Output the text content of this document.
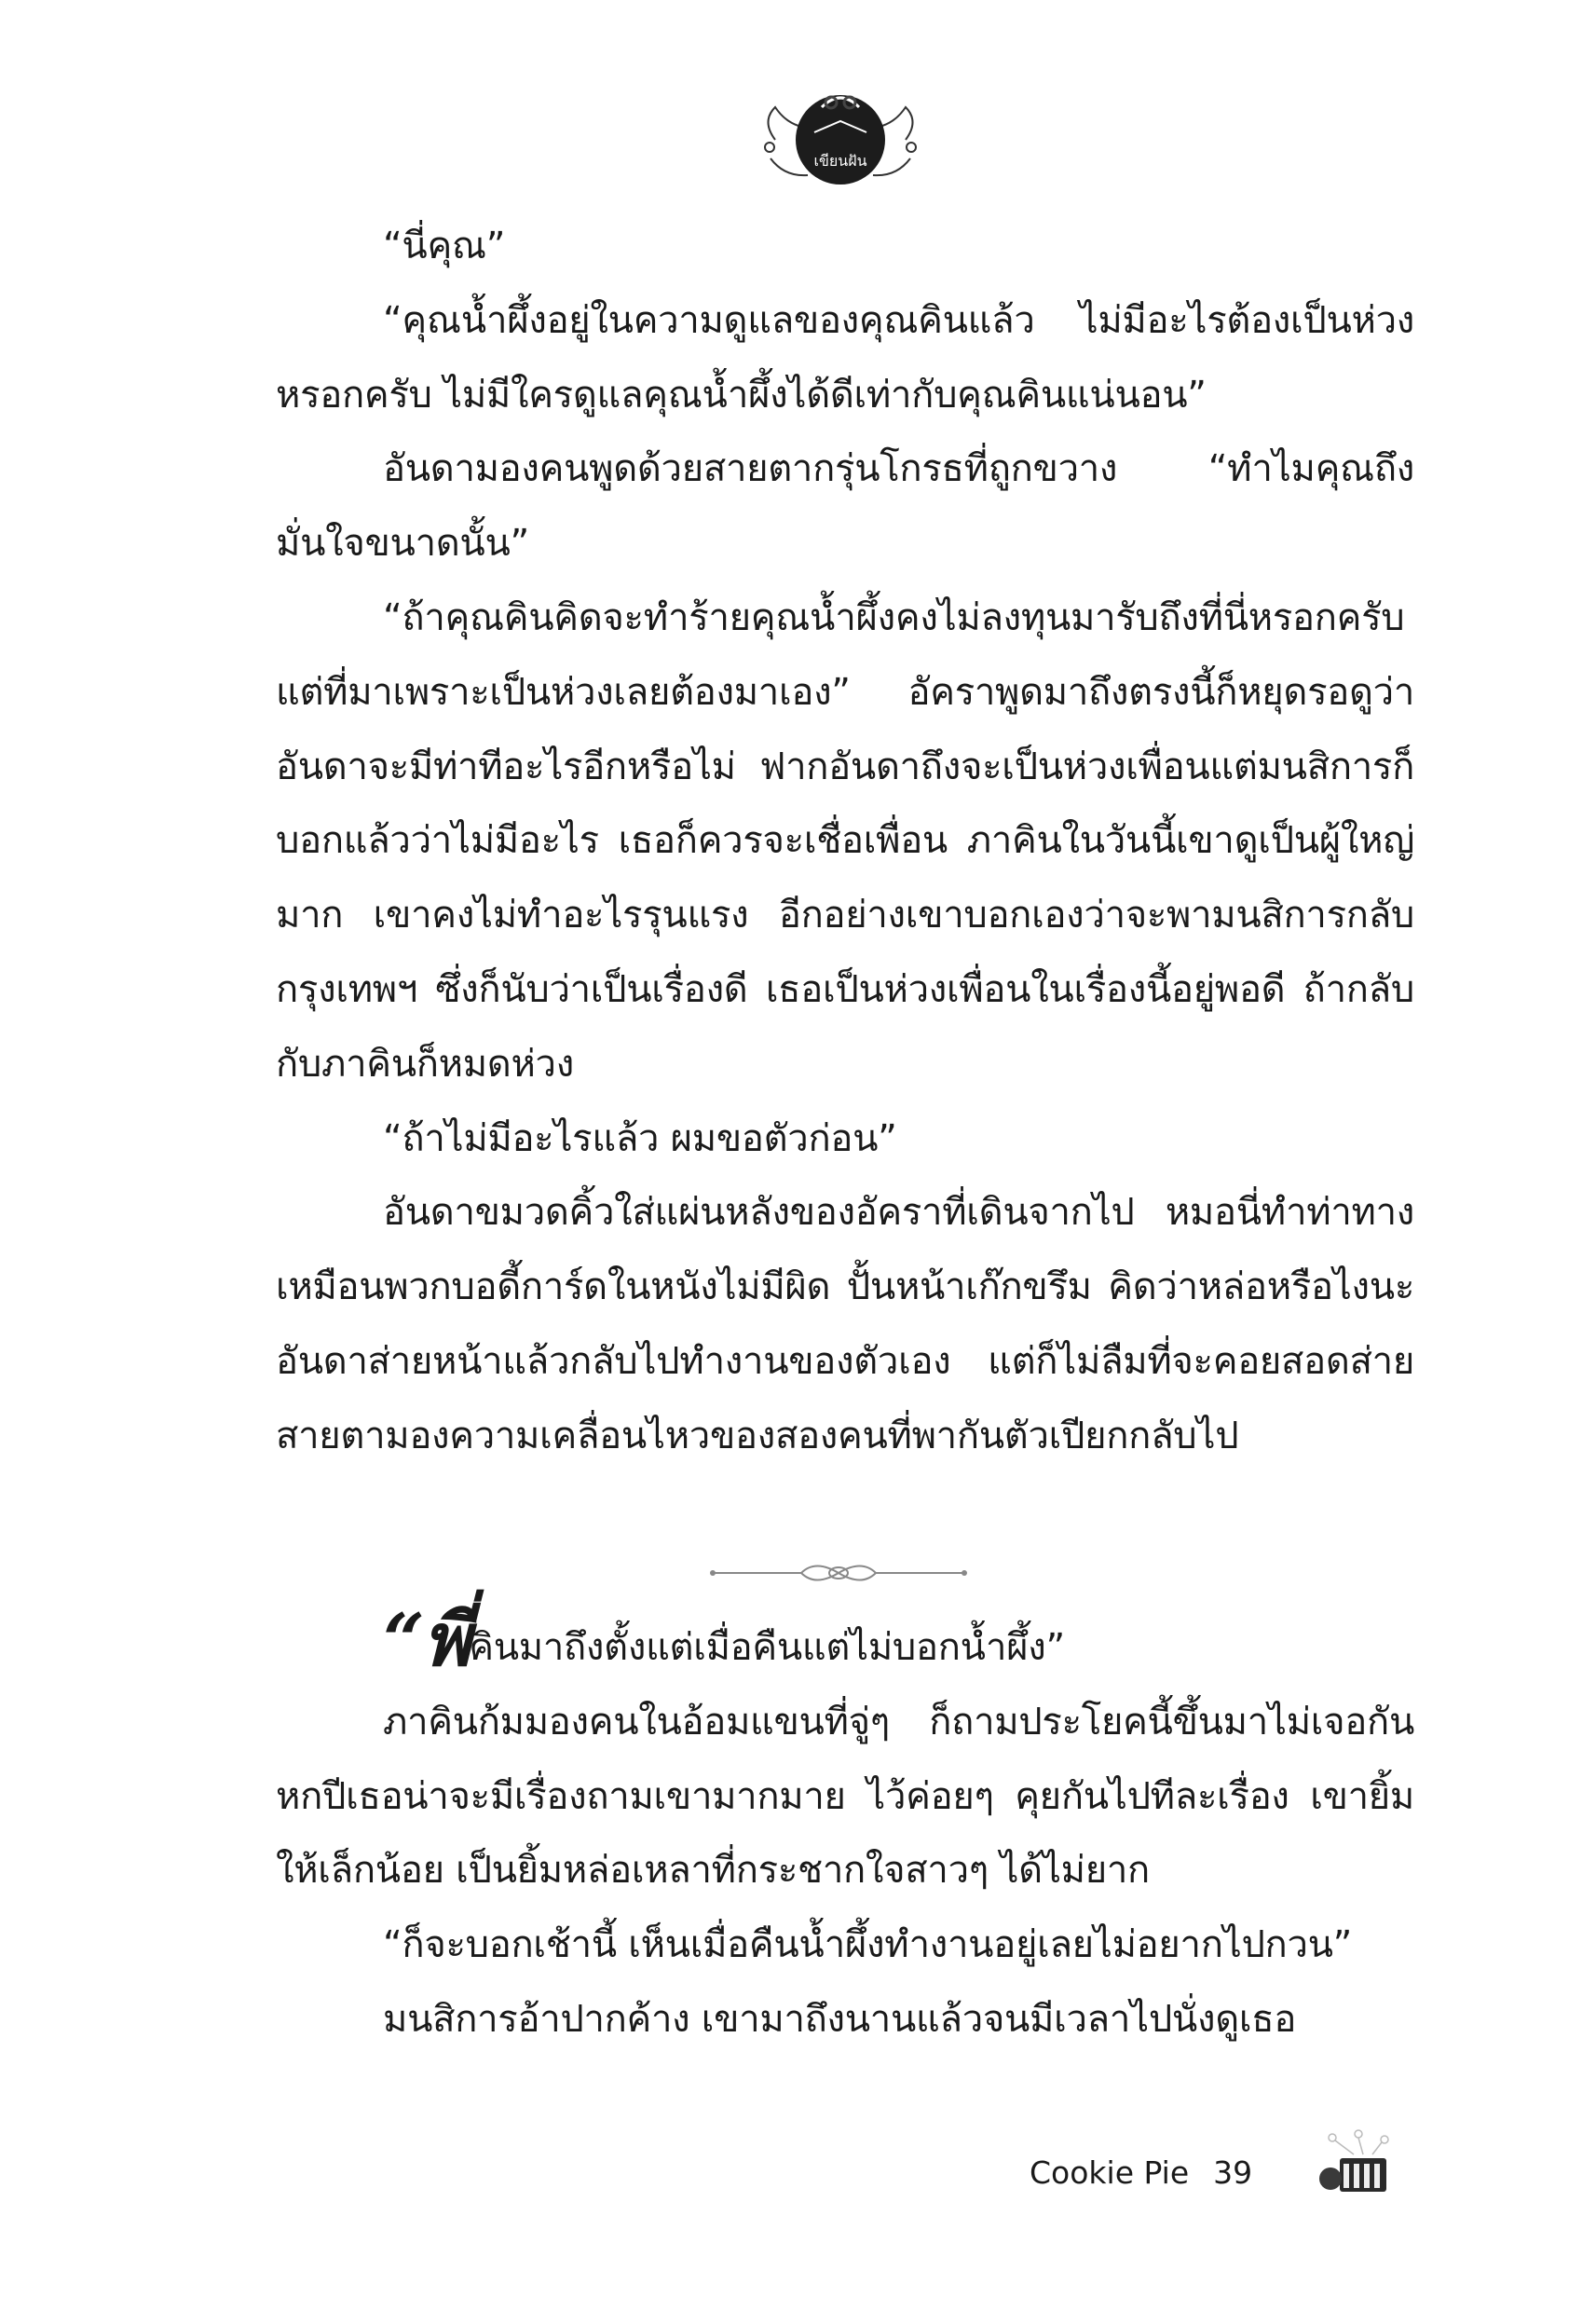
เขียนฝัน

“นี่คุณ”

“คุณน้ำผึ้งอยู่ในความดูแลของคุณคินแล้ว ไม่มีอะไรต้องเป็นห่วงหรอกครับ ไม่มีใครดูแลคุณน้ำผึ้งได้ดีเท่ากับคุณคินแน่นอน”

อันดามองคนพูดด้วยสายตากรุ่นโกรธที่ถูกขวาง “ทำไมคุณถึงมั่นใจขนาดนั้น”

“ถ้าคุณคินคิดจะทำร้ายคุณน้ำผึ้งคงไม่ลงทุนมารับถึงที่นี่หรอกครับ แต่ที่มาเพราะเป็นห่วงเลยต้องมาเอง” อัคราพูดมาถึงตรงนี้ก็หยุดรอดูว่าอันดาจะมีท่าทีอะไรอีกหรือไม่ ฟากอันดาถึงจะเป็นห่วงเพื่อนแต่มนสิการก็บอกแล้วว่าไม่มีอะไร เธอก็ควรจะเชื่อเพื่อน ภาคินในวันนี้เขาดูเป็นผู้ใหญ่มาก เขาคงไม่ทำอะไรรุนแรง อีกอย่างเขาบอกเองว่าจะพามนสิการกลับกรุงเทพฯ ซึ่งก็นับว่าเป็นเรื่องดี เธอเป็นห่วงเพื่อนในเรื่องนี้อยู่พอดี ถ้ากลับกับภาคินก็หมดห่วง

“ถ้าไม่มีอะไรแล้ว ผมขอตัวก่อน”

อันดาขมวดคิ้วใส่แผ่นหลังของอัคราที่เดินจากไป หมอนี่ทำท่าทางเหมือนพวกบอดี้การ์ดในหนังไม่มีผิด ปั้นหน้าเก๊กขรึม คิดว่าหล่อหรือไงนะ อันดาส่ายหน้าแล้วกลับไปทำงานของตัวเอง แต่ก็ไม่ลืมที่จะคอยสอดส่ายสายตามองความเคลื่อนไหวของสองคนที่พากันตัวเปียกกลับไป

“พี่คินมาถึงตั้งแต่เมื่อคืนแต่ไม่บอกน้ำผึ้ง”

ภาคินก้มมองคนในอ้อมแขนที่จู่ๆ ก็ถามประโยคนี้ขึ้นมาไม่เจอกันหกปีเธอน่าจะมีเรื่องถามเขามากมาย ไว้ค่อยๆ คุยกันไปทีละเรื่อง เขายิ้มให้เล็กน้อย เป็นยิ้มหล่อเหลาที่กระชากใจสาวๆ ได้ไม่ยาก

“ก็จะบอกเช้านี้ เห็นเมื่อคืนน้ำผึ้งทำงานอยู่เลยไม่อยากไปกวน”

มนสิการอ้าปากค้าง เขามาถึงนานแล้วจนมีเวลาไปนั่งดูเธอ

Cookie Pie 39
